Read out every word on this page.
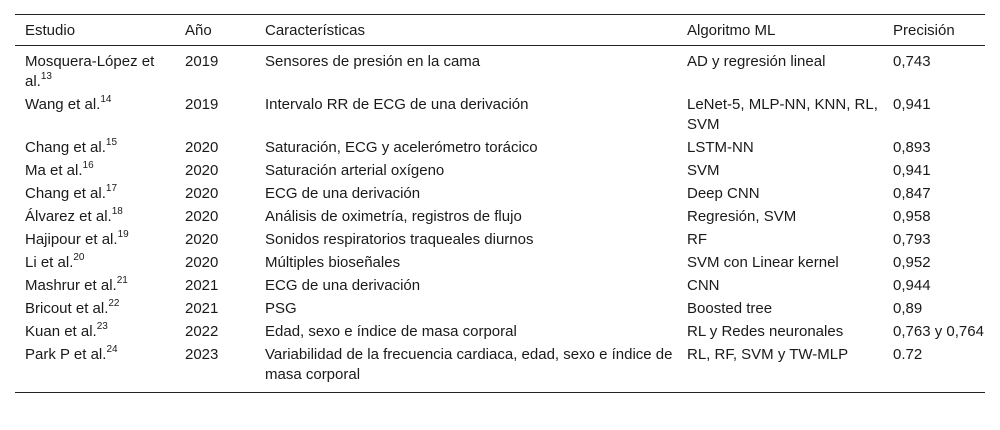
Estudio	Año	Características	Algoritmo ML	Precisión
Mosquera-López et al.$^{13}$	2019	Sensores de presión en la cama	AD y regresión lineal	0,743
Wang et al.$^{14}$	2019	Intervalo RR de ECG de una derivación	LeNet-5, MLP-NN, KNN, RL, SVM	0,941
Chang et al.$^{15}$	2020	Saturación, ECG y acelerómetro torácico	LSTM-NN	0,893
Ma et al.$^{16}$	2020	Saturación arterial oxígeno	SVM	0,941
Chang et al.$^{17}$	2020	ECG de una derivación	Deep CNN	0,847
Álvarez et al.$^{18}$	2020	Análisis de oximetría, registros de flujo	Regresión, SVM	0,958
Hajipour et al.$^{19}$	2020	Sonidos respiratorios traqueales diurnos	RF	0,793
Li et al.$^{20}$	2020	Múltiples bioseñales	SVM con Linear kernel	0,952
Mashrur et al.$^{21}$	2021	ECG de una derivación	CNN	0,944
Bricout et al.$^{22}$	2021	PSG	Boosted tree	0,89
Kuan et al.$^{23}$	2022	Edad, sexo e índice de masa corporal	RL y Redes neuronales	0,763 y 0,764
Park P et al.$^{24}$	2023	Variabilidad de la frecuencia cardiaca, edad, sexo e índice de masa corporal	RL, RF, SVM y TW-MLP	0.72
